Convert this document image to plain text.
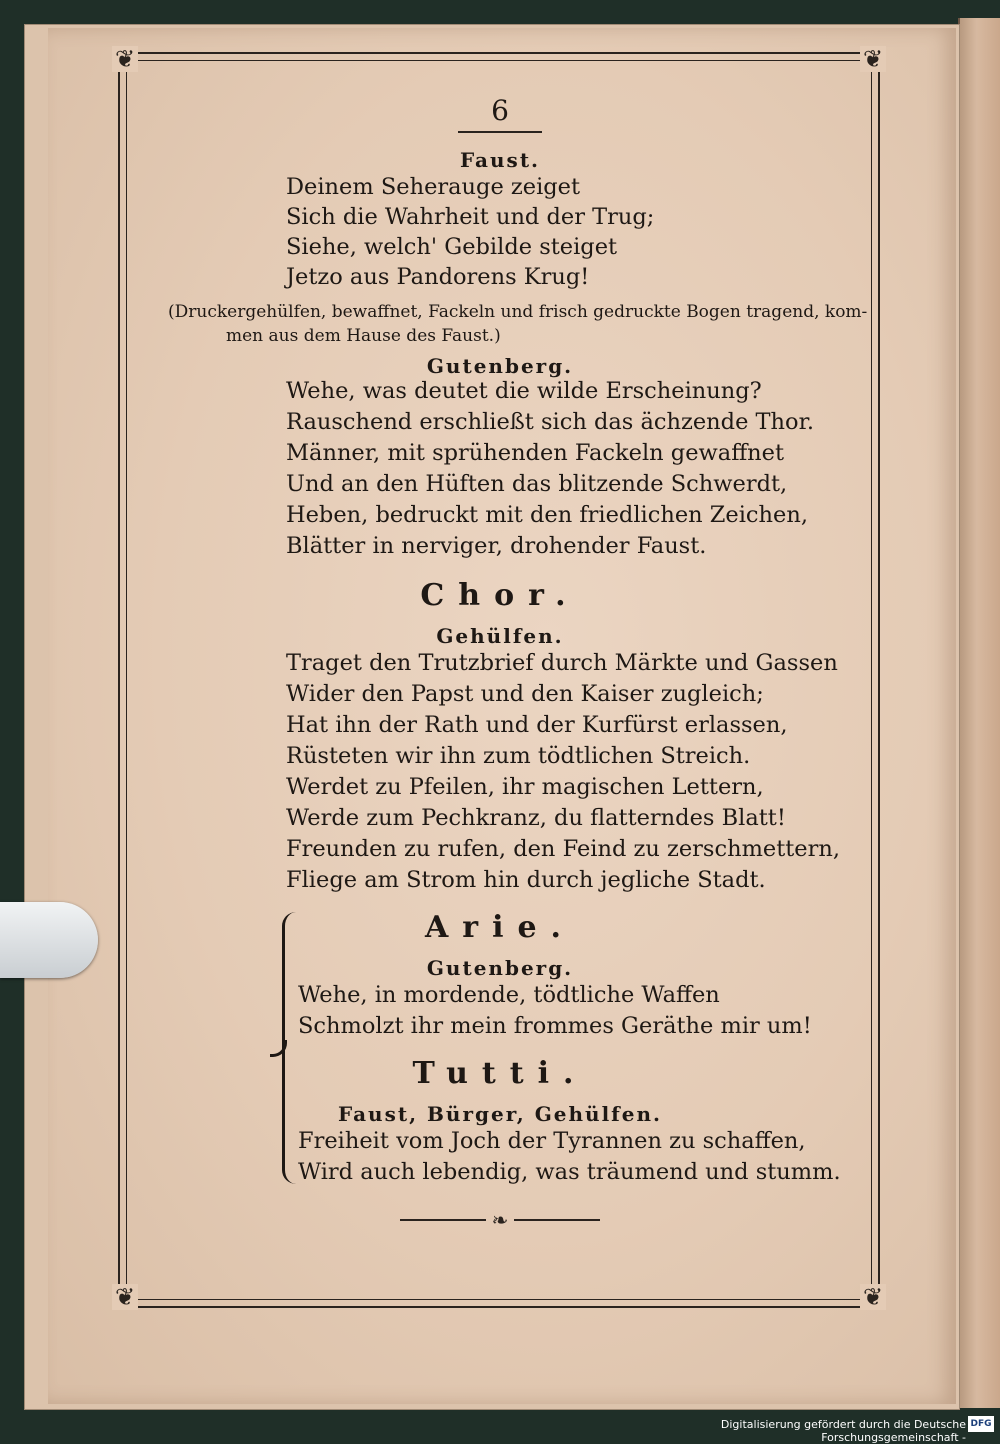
❦	❦
❦	❦
6
Faust.
Deinem Seherauge zeiget
Sich die Wahrheit und der Trug;
Siehe, welch' Gebilde steiget
Jetzo aus Pandorens Krug!
(Druckergehülfen, bewaffnet, Fackeln und frisch gedruckte Bogen tragend, kom-
men aus dem Hause des Faust.)
Gutenberg.
Wehe, was deutet die wilde Erscheinung?
Rauschend erschließt sich das ächzende Thor.
Männer, mit sprühenden Fackeln gewaffnet
Und an den Hüften das blitzende Schwerdt,
Heben, bedruckt mit den friedlichen Zeichen,
Blätter in nerviger, drohender Faust.
Chor.
Gehülfen.
Traget den Trutzbrief durch Märkte und Gassen
Wider den Papst und den Kaiser zugleich;
Hat ihn der Rath und der Kurfürst erlassen,
Rüsteten wir ihn zum tödtlichen Streich.
Werdet zu Pfeilen, ihr magischen Lettern,
Werde zum Pechkranz, du flatterndes Blatt!
Freunden zu rufen, den Feind zu zerschmettern,
Fliege am Strom hin durch jegliche Stadt.
Arie.
Gutenberg.
Wehe, in mordende, tödtliche Waffen
Schmolzt ihr mein frommes Geräthe mir um!
Tutti.
Faust, Bürger, Gehülfen.
Freiheit vom Joch der Tyrannen zu schaffen,
Wird auch lebendig, was träumend und stumm.
❧
Digitalisierung gefördert durch die Deutsche Forschungsgemeinschaft -
DFG
